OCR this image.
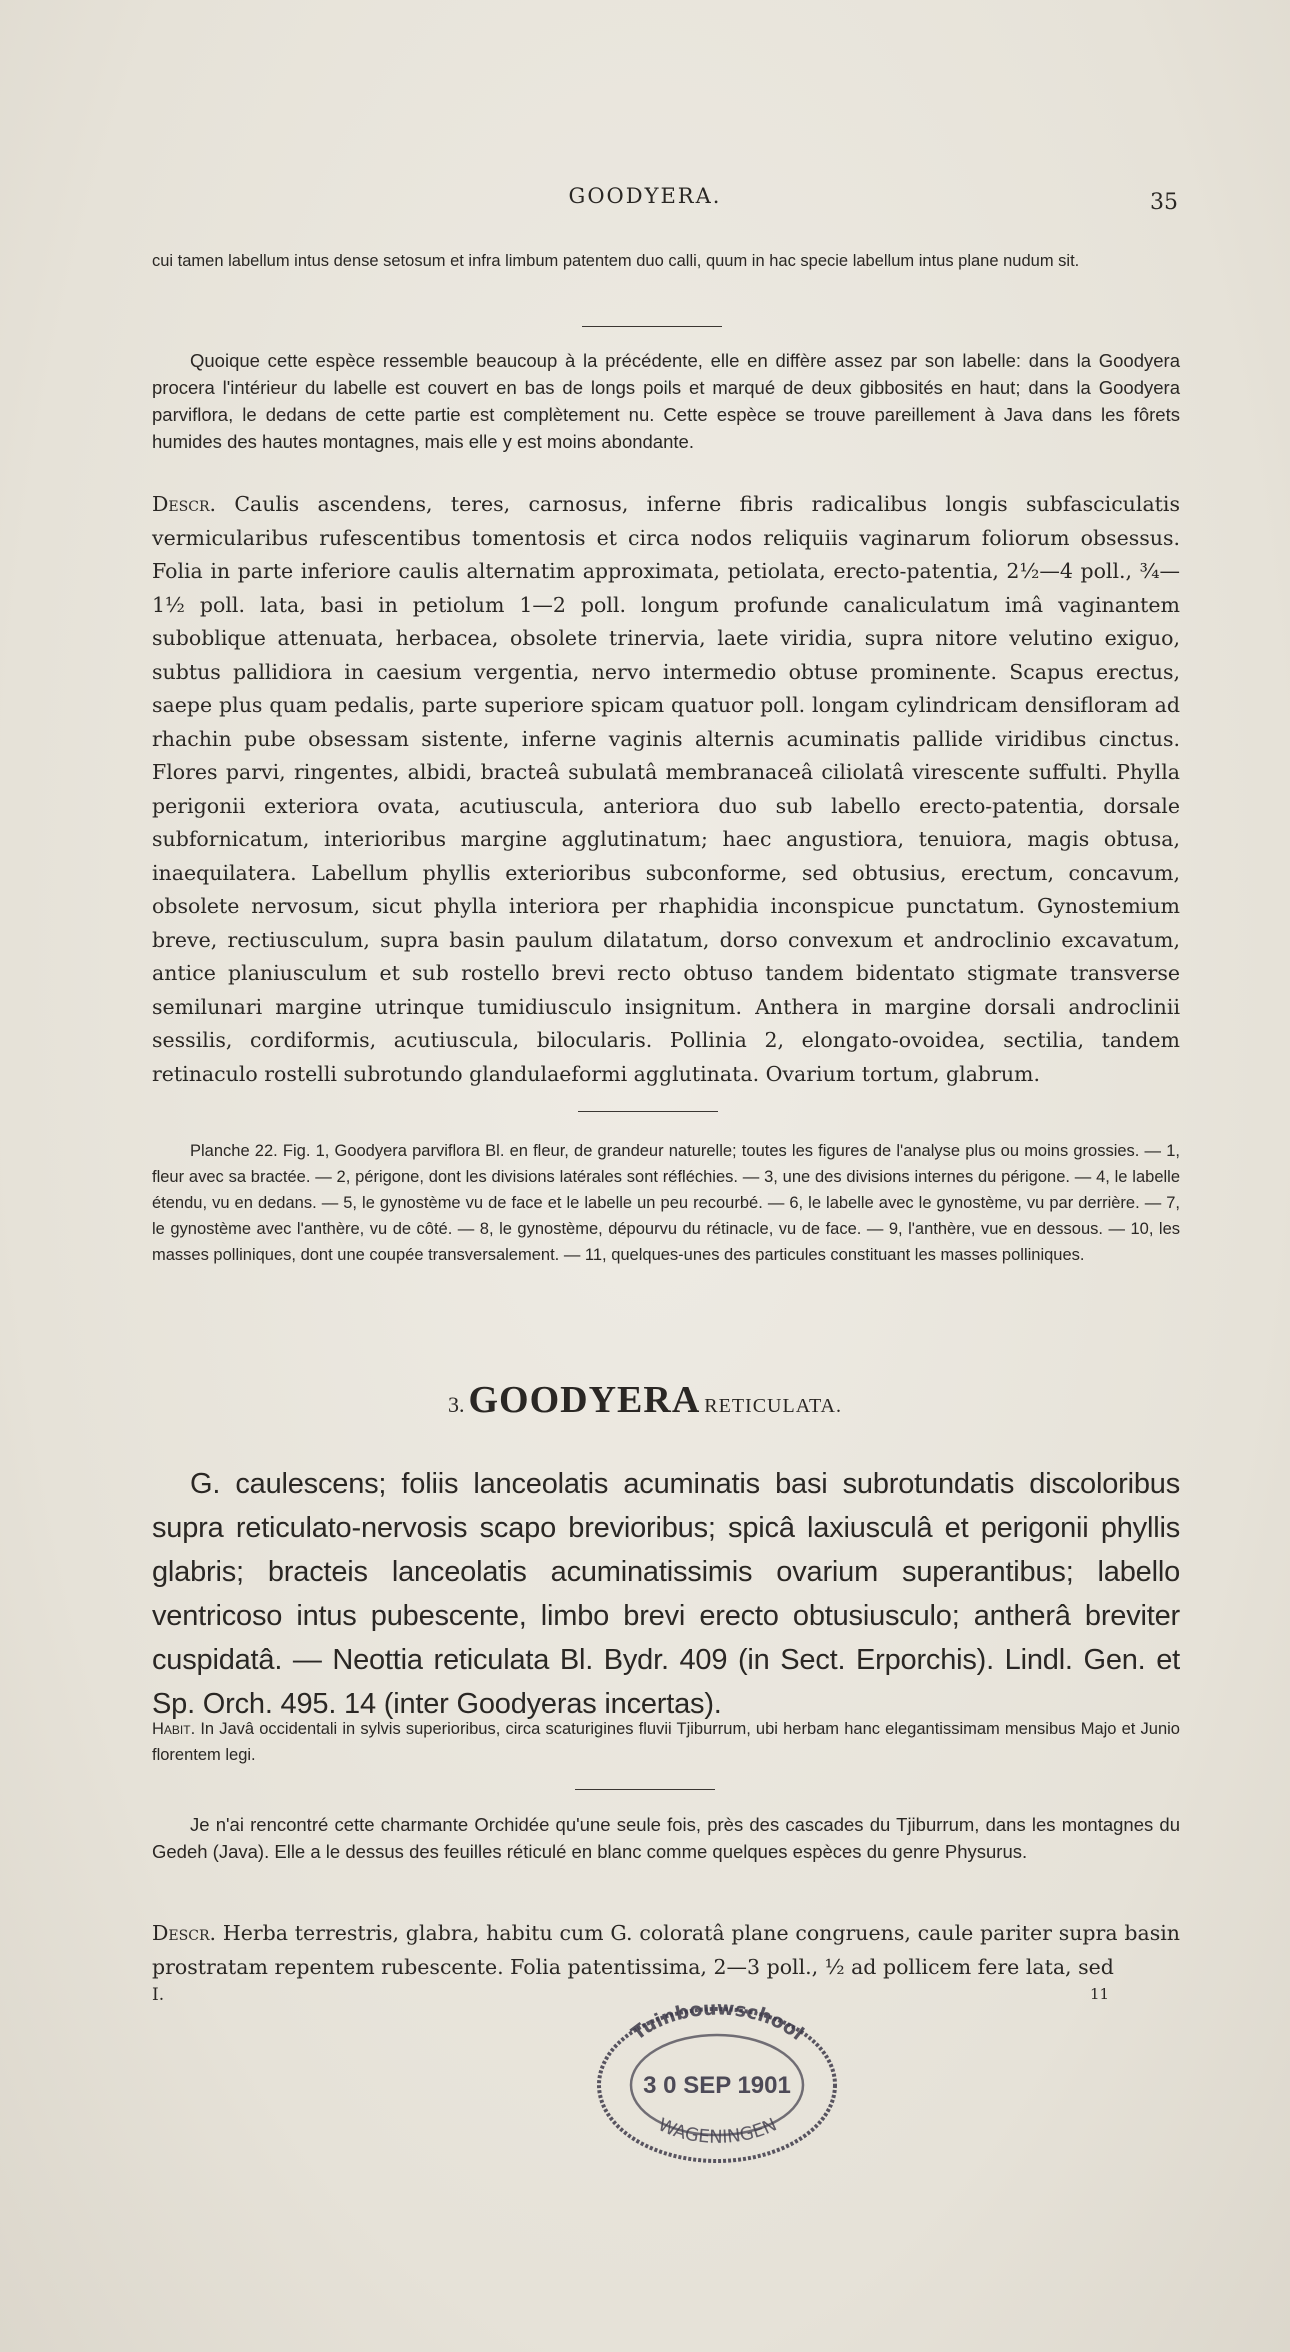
GOODYERA.	35
cui tamen labellum intus dense setosum et infra limbum patentem duo calli, quum in hac specie labellum intus plane nudum sit.
Quoique cette espèce ressemble beaucoup à la précédente, elle en diffère assez par son labelle: dans la Goodyera procera l'intérieur du labelle est couvert en bas de longs poils et marqué de deux gibbosités en haut; dans la Goodyera parviflora, le dedans de cette partie est complètement nu. Cette espèce se trouve pareillement à Java dans les fôrets humides des hautes montagnes, mais elle y est moins abondante.
Descr. Caulis ascendens, teres, carnosus, inferne fibris radicalibus longis subfasciculatis vermicularibus rufescentibus tomentosis et circa nodos reliquiis vaginarum foliorum obsessus. Folia in parte inferiore caulis alternatim approximata, petiolata, erecto-patentia, 2½—4 poll., ¾—1½ poll. lata, basi in petiolum 1—2 poll. longum profunde canaliculatum imâ vaginantem suboblique attenuata, herbacea, obsolete trinervia, laete viridia, supra nitore velutino exiguo, subtus pallidiora in caesium vergentia, nervo intermedio obtuse prominente. Scapus erectus, saepe plus quam pedalis, parte superiore spicam quatuor poll. longam cylindricam densifloram ad rhachin pube obsessam sistente, inferne vaginis alternis acuminatis pallide viridibus cinctus. Flores parvi, ringentes, albidi, bracteâ subulatâ membranaceâ ciliolatâ virescente suffulti. Phylla perigonii exteriora ovata, acutiuscula, anteriora duo sub labello erecto-patentia, dorsale subfornicatum, interioribus margine agglutinatum; haec angustiora, tenuiora, magis obtusa, inaequilatera. Labellum phyllis exterioribus subconforme, sed obtusius, erectum, concavum, obsolete nervosum, sicut phylla interiora per rhaphidia inconspicue punctatum. Gynostemium breve, rectiusculum, supra basin paulum dilatatum, dorso convexum et androclinio excavatum, antice planiusculum et sub rostello brevi recto obtuso tandem bidentato stigmate transverse semilunari margine utrinque tumidiusculo insignitum. Anthera in margine dorsali androclinii sessilis, cordiformis, acutiuscula, bilocularis. Pollinia 2, elongato-ovoidea, sectilia, tandem retinaculo rostelli subrotundo glandulaeformi agglutinata. Ovarium tortum, glabrum.
Planche 22. Fig. 1, Goodyera parviflora Bl. en fleur, de grandeur naturelle; toutes les figures de l'analyse plus ou moins grossies. — 1, fleur avec sa bractée. — 2, périgone, dont les divisions latérales sont réfléchies. — 3, une des divisions internes du périgone. — 4, le labelle étendu, vu en dedans. — 5, le gynostème vu de face et le labelle un peu recourbé. — 6, le labelle avec le gynostème, vu par derrière. — 7, le gynostème avec l'anthère, vu de côté. — 8, le gynostème, dépourvu du rétinacle, vu de face. — 9, l'anthère, vue en dessous. — 10, les masses polliniques, dont une coupée transversalement. — 11, quelques-unes des particules constituant les masses polliniques.
3. GOODYERA RETICULATA.
G. caulescens; foliis lanceolatis acuminatis basi subrotundatis discoloribus supra reticulato-nervosis scapo brevioribus; spicâ laxiusculâ et perigonii phyllis glabris; bracteis lanceolatis acuminatissimis ovarium superantibus; labello ventricoso intus pubescente, limbo brevi erecto obtusiusculo; antherâ breviter cuspidatâ. — Neottia reticulata Bl. Bydr. 409 (in Sect. Erporchis). Lindl. Gen. et Sp. Orch. 495. 14 (inter Goodyeras incertas).
Habit. In Javâ occidentali in sylvis superioribus, circa scaturigines fluvii Tjiburrum, ubi herbam hanc elegantissimam mensibus Majo et Junio florentem legi.
Je n'ai rencontré cette charmante Orchidée qu'une seule fois, près des cascades du Tjiburrum, dans les montagnes du Gedeh (Java). Elle a le dessus des feuilles réticulé en blanc comme quelques espèces du genre Physurus.
Descr. Herba terrestris, glabra, habitu cum G. coloratâ plane congruens, caule pariter supra basin prostratam repentem rubescente. Folia patentissima, 2—3 poll., ½ ad pollicem fere lata, sed
I.	11
Tuinbouwschool
3 0 SEP 1901
WAGENINGEN
